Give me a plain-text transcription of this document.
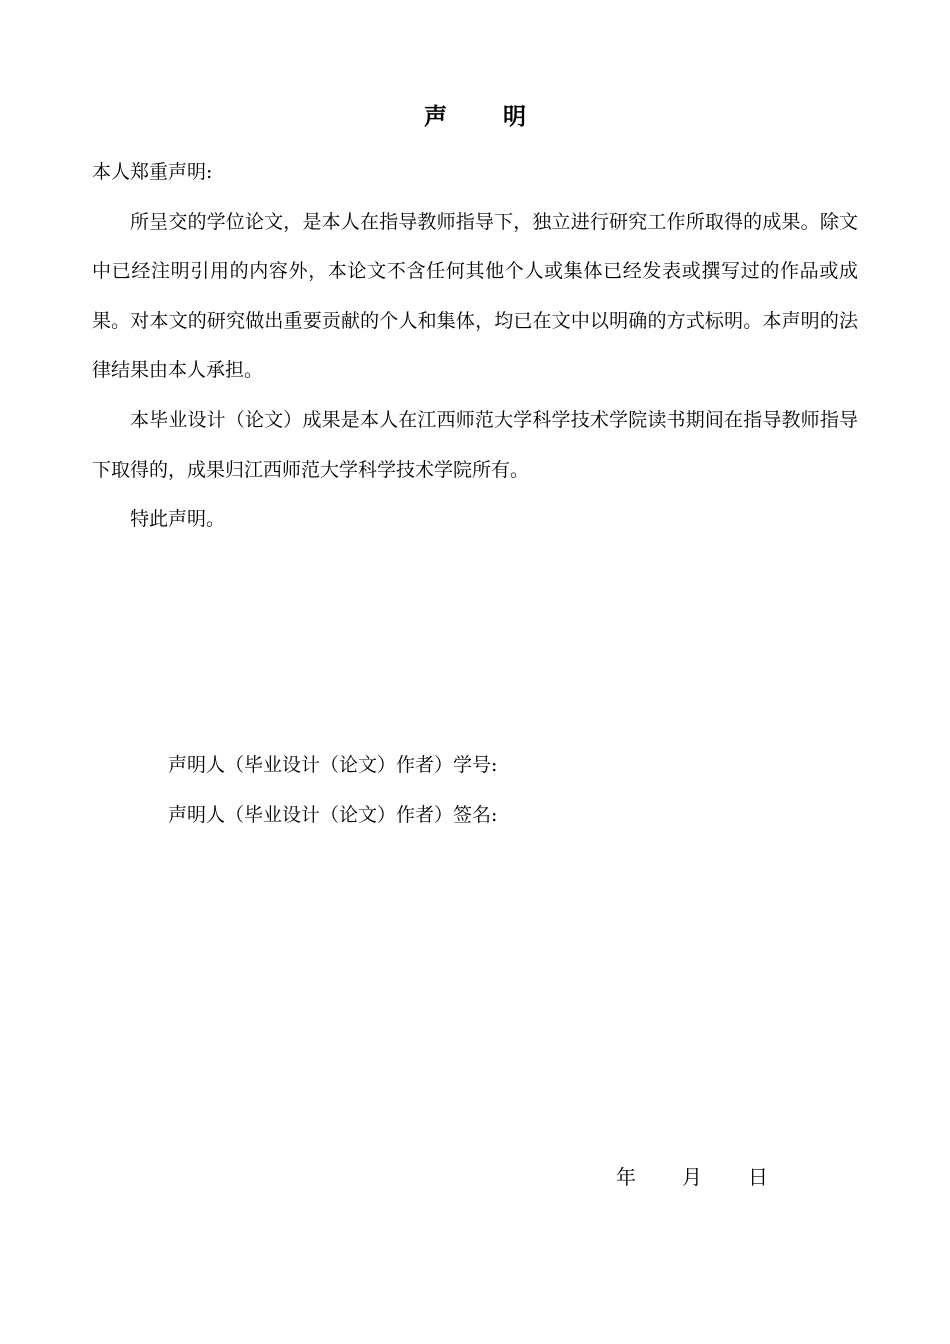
声明

本人郑重声明:

所呈交的学位论文，是本人在指导教师指导下，独立进行研究工作所取得的成果。除文中已经注明引用的内容外，本论文不含任何其他个人或集体已经发表或撰写过的作品或成果。对本文的研究做出重要贡献的个人和集体，均已在文中以明确的方式标明。本声明的法律结果由本人承担。

本毕业设计（论文）成果是本人在江西师范大学科学技术学院读书期间在指导教师指导下取得的，成果归江西师范大学科学技术学院所有。

特此声明。

声明人（毕业设计（论文）作者）学号:
声明人（毕业设计（论文）作者）签名:
年 月 日
